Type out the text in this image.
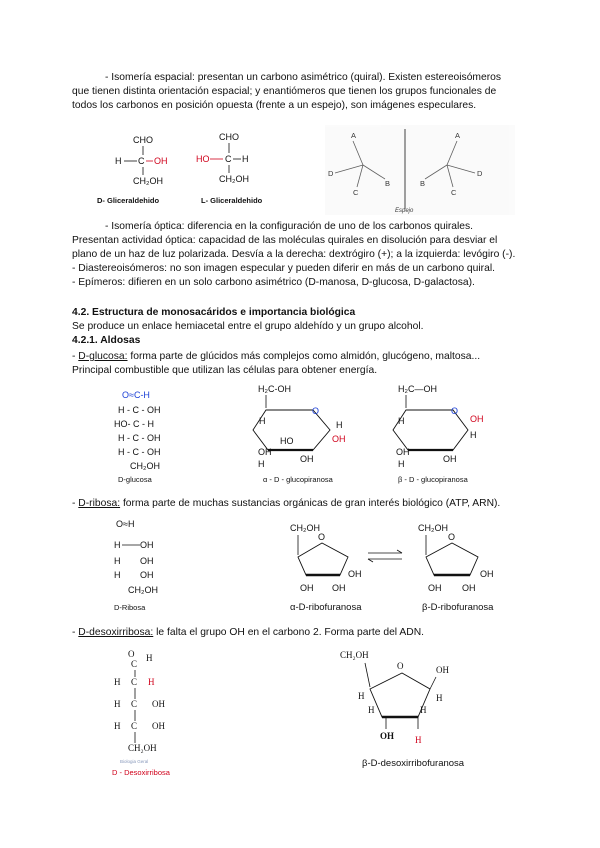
- Isomería espacial: presentan un carbono asimétrico (quiral). Existen estereoisómeros
que tienen distinta orientación espacial; y enantiómeros que tienen los grupos funcionales de
todos los carbonos en posición opuesta (frente a un espejo), son imágenes especulares.
CHO
H C OH
CH₂OH
D- Gliceraldehido
CHO
HO C H
CH₂OH
L- Gliceraldehido
A
D
B
C
A
D
B
C
Espejo
- Isomería óptica: diferencia en la configuración de uno de los carbonos quirales.
Presentan actividad óptica: capacidad de las moléculas quirales en disolución para desviar el
plano de un haz de luz polarizada. Desvía a la derecha: dextrógiro (+); a la izquierda: levógiro (-).
- Diastereoisómeros: no son imagen especular y pueden diferir en más de un carbono quiral.
- Epímeros: difieren en un solo carbono asimétrico (D-manosa, D-glucosa, D-galactosa).
4.2. Estructura de monosacáridos e importancia biológica
Se produce un enlace hemiacetal entre el grupo aldehído y un grupo alcohol.
4.2.1. Aldosas
- D-glucosa: forma parte de glúcidos más complejos como almidón, glucógeno, maltosa...
Principal combustible que utilizan las células para obtener energía.
O≈C-H
H - C - OH
HO- C - H
H - C - OH
H - C - OH
CH₂OH
D-glucosa
H₂C-OH
O
H	H
OH
OH
H	OH
HO
α - D - glucopiranosa
H₂C—OH
O
OH
H
H
OH
H	OH
β - D - glucopiranosa
- D-ribosa: forma parte de muchas sustancias orgánicas de gran interés biológico (ATP, ARN).
O≈H
H OH
H OH
H OH
CH₂OH
D-Ribosa
CH₂OH
O
OH OH
OH
α-D-ribofuranosa
CH₂OH
O
OH
OH OH
β-D-ribofuranosa
- D-desoxirribosa: le falta el grupo OH en el carbono 2. Forma parte del ADN.
O H
C
H C H
H C OH
H C OH
CH₂OH
Biologia Geral
D - Desoxirribosa
CH₂OH
O	OH
H	H
H	H
OH H
β-D-desoxirribofuranosa
